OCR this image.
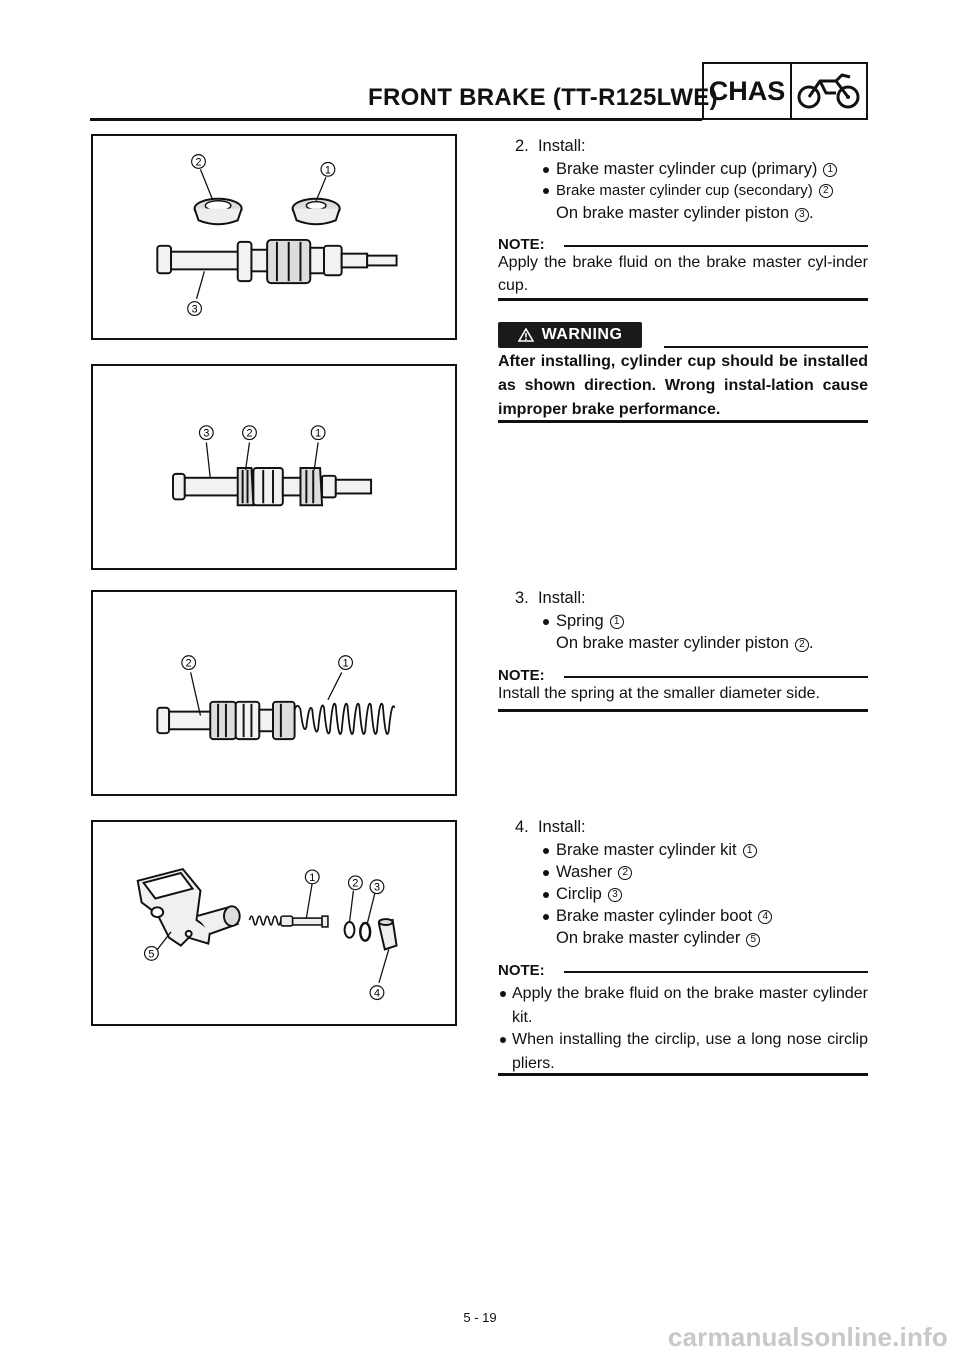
FRONT BRAKE (TT-R125LWE)
CHAS
2
1
3
3	2	1
2	1
1	2 3
5
4
2. Install:
Brake master cylinder cup (primary)	1
Brake master cylinder cup (secondary)	2
On brake master cylinder piston 3 .
NOTE:
Apply the brake fluid on the brake master cyl-inder cup.
WARNING
After installing, cylinder cup should be installed as shown direction. Wrong instal-lation cause improper brake performance.
3. Install:
Spring	1
On brake master cylinder piston 2 .
NOTE:
Install the spring at the smaller diameter side.
4. Install:
Brake master cylinder kit	1
Washer	2
Circlip	3
Brake master cylinder boot	4
On brake master cylinder 5
NOTE:
Apply the brake fluid on the brake master cylinder kit.
When installing the circlip, use a long nose circlip pliers.
5 - 19
carmanualsonline.info
